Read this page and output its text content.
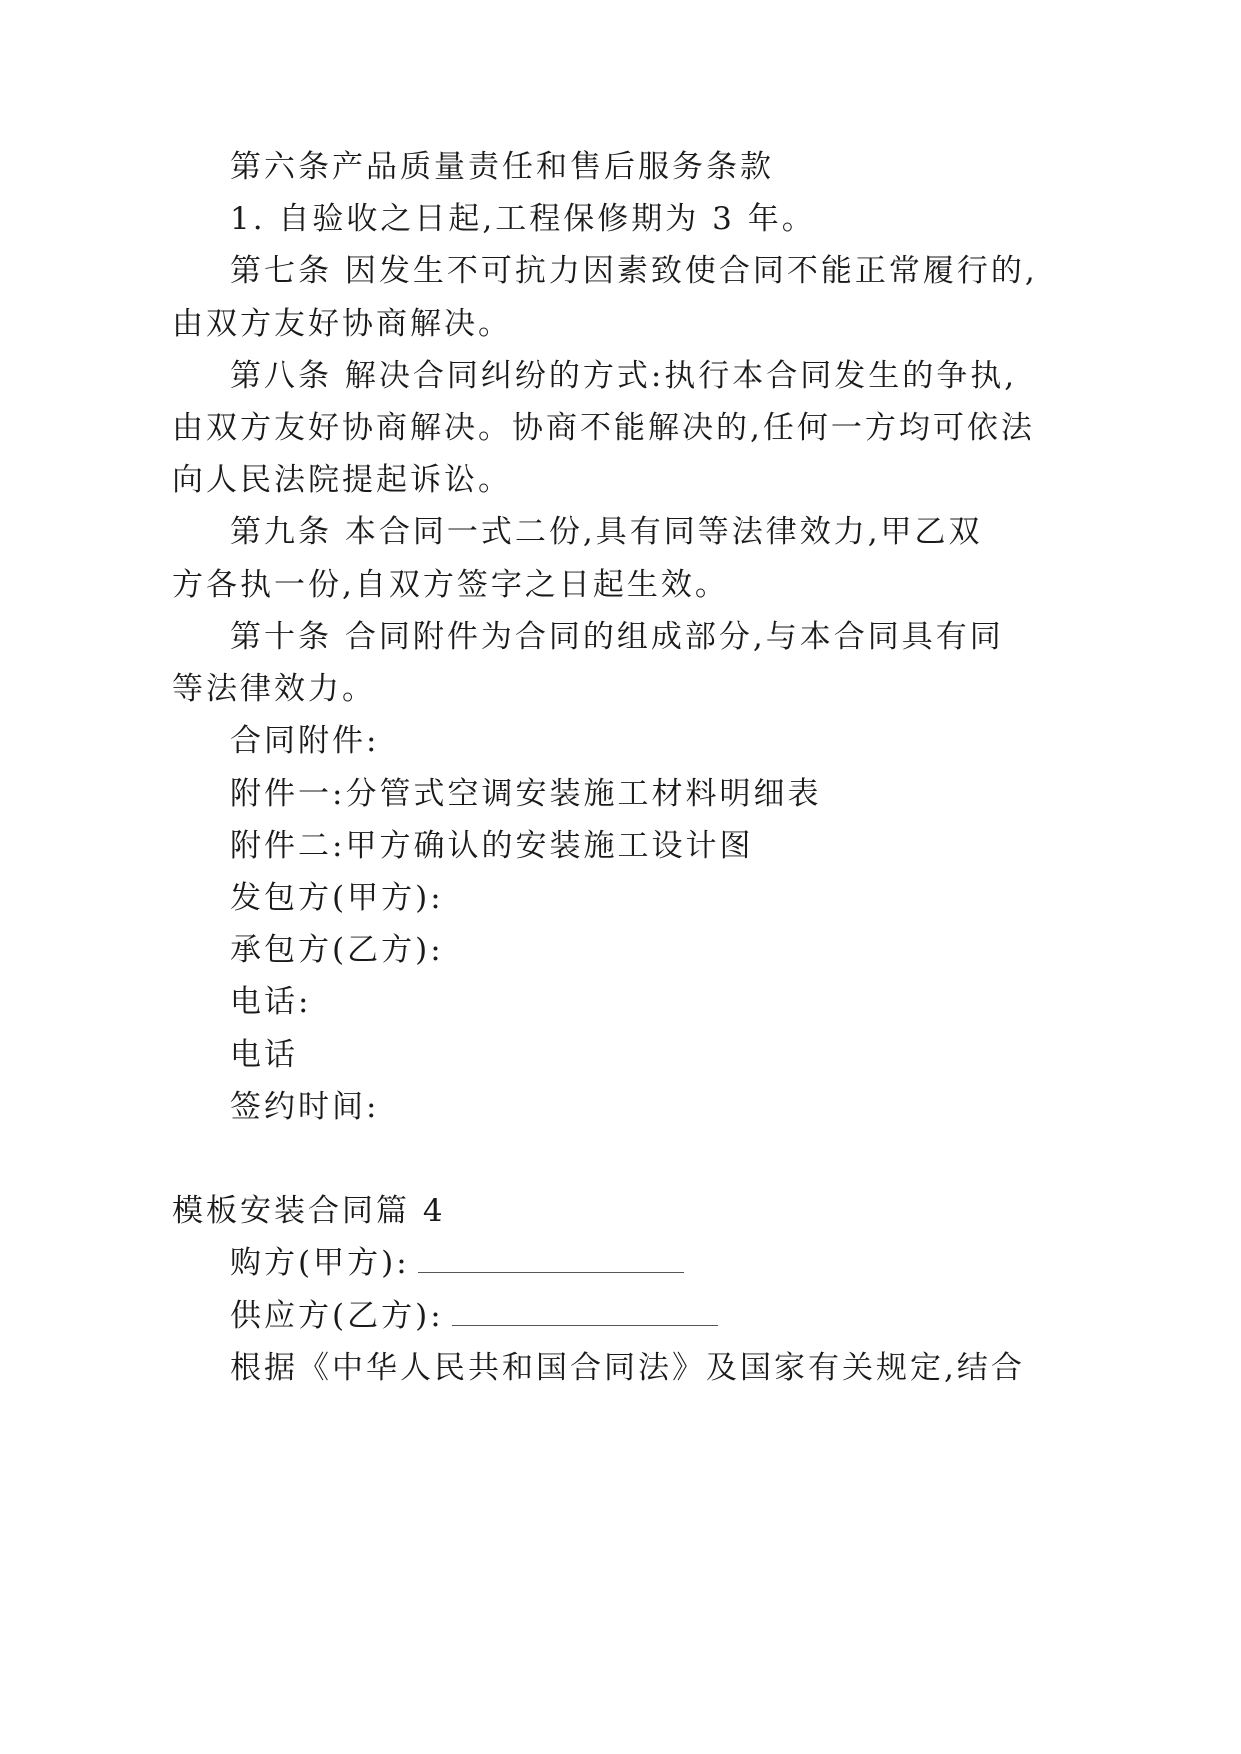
第六条产品质量责任和售后服务条款
1. 自验收之日起,工程保修期为 3 年。
第七条 因发生不可抗力因素致使合同不能正常履行的,
由双方友好协商解决。
第八条 解决合同纠纷的方式:执行本合同发生的争执,
由双方友好协商解决。协商不能解决的,任何一方均可依法
向人民法院提起诉讼。
第九条 本合同一式二份,具有同等法律效力,甲乙双
方各执一份,自双方签字之日起生效。
第十条 合同附件为合同的组成部分,与本合同具有同
等法律效力。
合同附件:
附件一:分管式空调安装施工材料明细表
附件二:甲方确认的安装施工设计图
发包方(甲方):
承包方(乙方):
电话:
电话
签约时间:
模板安装合同篇 4
购方(甲方):
供应方(乙方):
根据《中华人民共和国合同法》及国家有关规定,结合
